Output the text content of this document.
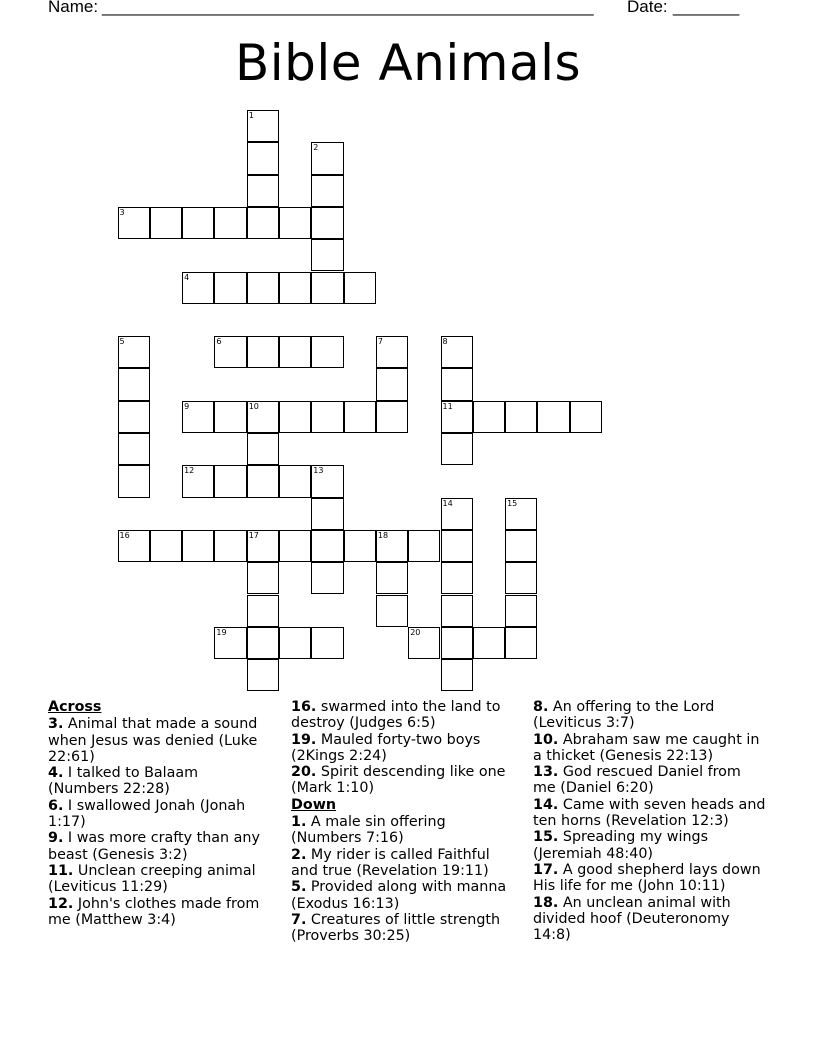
Name: ____________________________________________________ Date: _______
Bible Animals
1
2
3
4
5	6	7	8
11
9	10
12	13
14	15
16	17	18
19	20
Across
3. Animal that made a sound when Jesus was denied (Luke 22:61)
4. I talked to Balaam (Numbers 22:28)
6. I swallowed Jonah (Jonah 1:17)
9. I was more crafty than any beast (Genesis 3:2)
11. Unclean creeping animal (Leviticus 11:29)
12. John's clothes made from me (Matthew 3:4)
16. swarmed into the land to destroy (Judges 6:5)
19. Mauled forty-two boys (2Kings 2:24)
20. Spirit descending like one (Mark 1:10)
Down
1. A male sin offering (Numbers 7:16)
2. My rider is called Faithful and true (Revelation 19:11)
5. Provided along with manna (Exodus 16:13)
7. Creatures of little strength (Proverbs 30:25)
8. An offering to the Lord (Leviticus 3:7)
10. Abraham saw me caught in a thicket (Genesis 22:13)
13. God rescued Daniel from me (Daniel 6:20)
14. Came with seven heads and ten horns (Revelation 12:3)
15. Spreading my wings (Jeremiah 48:40)
17. A good shepherd lays down His life for me (John 10:11)
18. An unclean animal with divided hoof (Deuteronomy 14:8)
